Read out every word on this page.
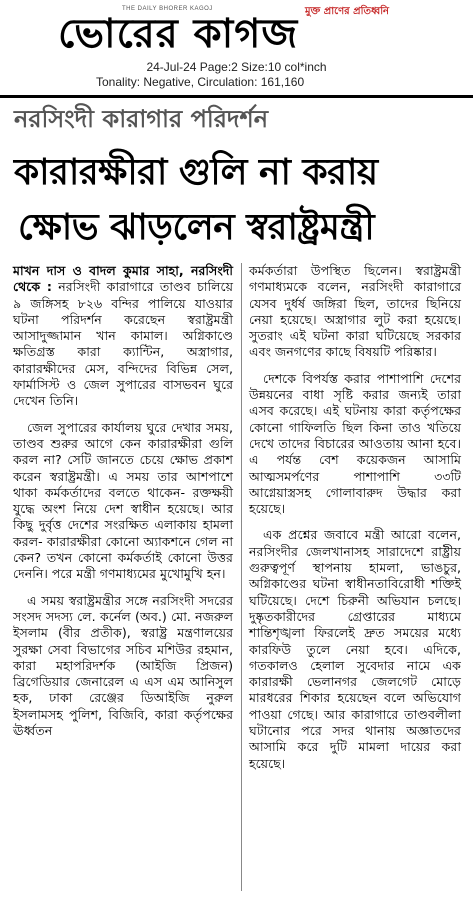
THE DAILY BHORER KAGOJ	মুক্ত প্রাণের প্রতিধ্বনি
ভোরের কাগজ
24-Jul-24 Page:2 Size:10 col*inch
Tonality: Negative, Circulation: 161,160
নরসিংদী কারাগার পরিদর্শন
কারারক্ষীরা গুলি না করায়
ক্ষোভ ঝাড়লেন স্বরাষ্ট্রমন্ত্রী

মাখন দাস ও বাদল কুমার সাহা, নরসিংদী থেকে : নরসিংদী কারাগারে তাণ্ডব চালিয়ে ৯ জঙ্গিসহ ৮২৬ বন্দির পালিয়ে যাওয়ার ঘটনা পরিদর্শন করেছেন স্বরাষ্ট্রমন্ত্রী আসাদুজ্জামান খান কামাল। অগ্নিকাণ্ডে ক্ষতিগ্রস্ত কারা ক্যান্টিন, অস্ত্রাগার, কারারক্ষীদের মেস, বন্দিদের বিভিন্ন সেল, ফার্মাসিস্ট ও জেল সুপারের বাসভবন ঘুরে দেখেন তিনি।

জেল সুপারের কার্যালয় ঘুরে দেখার সময়, তাণ্ডব শুরুর আগে কেন কারারক্ষীরা গুলি করল না? সেটি জানতে চেয়ে ক্ষোভ প্রকাশ করেন স্বরাষ্ট্রমন্ত্রী। এ সময় তার আশপাশে থাকা কর্মকর্তাদের বলতে থাকেন- রক্তক্ষয়ী যুদ্ধে অংশ নিয়ে দেশ স্বাধীন হয়েছে। আর কিছু দুর্বৃত্ত দেশের সংরক্ষিত এলাকায় হামলা করল- কারারক্ষীরা কোনো অ্যাকশনে গেল না কেন? তখন কোনো কর্মকর্তাই কোনো উত্তর দেননি। পরে মন্ত্রী গণমাধ্যমের মুখোমুখি হন।

এ সময় স্বরাষ্ট্রমন্ত্রীর সঙ্গে নরসিংদী সদরের সংসদ সদস্য লে. কর্নেল (অব.) মো. নজরুল ইসলাম (বীর প্রতীক), স্বরাষ্ট্র মন্ত্রণালয়ের সুরক্ষা সেবা বিভাগের সচিব মশিউর রহমান, কারা মহাপরিদর্শক (আইজি প্রিজন) ব্রিগেডিয়ার জেনারেল এ এস এম আনিসুল হক, ঢাকা রেঞ্জের ডিআইজি নুরুল ইসলামসহ পুলিশ, বিজিবি, কারা কর্তৃপক্ষের ঊর্ধ্বতন

কর্মকর্তারা উপস্থিত ছিলেন। স্বরাষ্ট্রমন্ত্রী গণমাধ্যমকে বলেন, নরসিংদী কারাগারে যেসব দুর্ধর্ষ জঙ্গিরা ছিল, তাদের ছিনিয়ে নেয়া হয়েছে। অস্ত্রাগার লুট করা হয়েছে। সুতরাং এই ঘটনা কারা ঘটিয়েছে সরকার এবং জনগণের কাছে বিষয়টি পরিষ্কার।

দেশকে বিপর্যস্ত করার পাশাপাশি দেশের উন্নয়নের বাধা সৃষ্টি করার জন্যই তারা এসব করেছে। এই ঘটনায় কারা কর্তৃপক্ষের কোনো গাফিলতি ছিল কিনা তাও খতিয়ে দেখে তাদের বিচারের আওতায় আনা হবে। এ পর্যন্ত বেশ কয়েকজন আসামি আত্মসমর্পণের পাশাপাশি ৩৩টি আগ্নেয়াস্ত্রসহ গোলাবারুদ উদ্ধার করা হয়েছে।

এক প্রশ্নের জবাবে মন্ত্রী আরো বলেন, নরসিংদীর জেলখানাসহ সারাদেশে রাষ্ট্রীয় গুরুত্বপূর্ণ স্থাপনায় হামলা, ভাঙচুর, অগ্নিকাণ্ডের ঘটনা স্বাধীনতাবিরোধী শক্তিই ঘটিয়েছে। দেশে চিরুনী অভিযান চলছে। দুষ্কৃতকারীদের গ্রেপ্তারের মাধ্যমে শান্তিশৃঙ্খলা ফিরলেই দ্রুত সময়ের মধ্যে কারফিউ তুলে নেয়া হবে। এদিকে, গতকালও হেলাল সুবেদার নামে এক কারারক্ষী ভেলানগর জেলগেট মোড়ে মারধরের শিকার হয়েছেন বলে অভিযোগ পাওয়া গেছে। আর কারাগারে তাণ্ডবলীলা ঘটানোর পরে সদর থানায় অজ্ঞাতদের আসামি করে দুটি মামলা দায়ের করা হয়েছে।
